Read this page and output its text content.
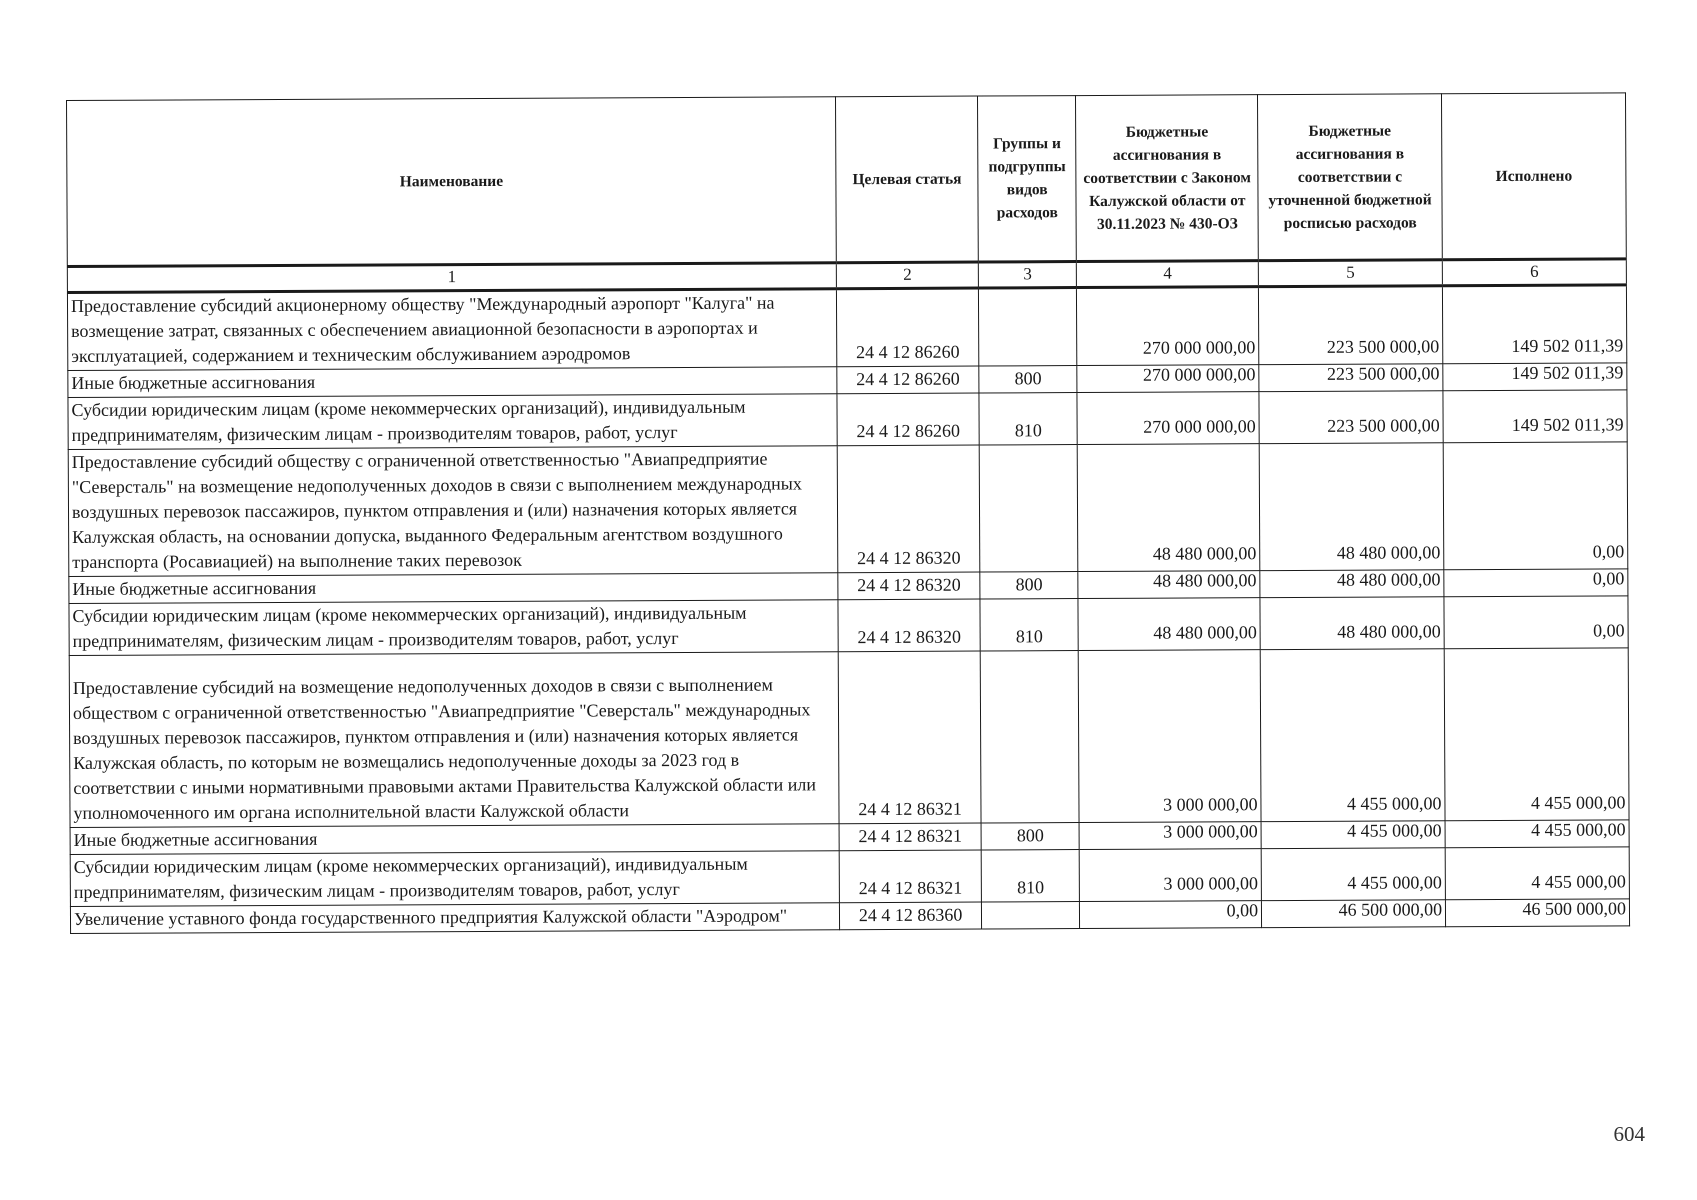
Наименование	Целевая статья	Группы и подгруппы видов расходов	Бюджетные ассигнования в соответствии с Законом Калужской области от 30.11.2023 № 430-ОЗ	Бюджетные ассигнования в соответствии с уточненной бюджетной росписью расходов	Исполнено
1	2	3	4	5	6
Предоставление субсидий акционерному обществу "Международный аэропорт "Калуга" на возмещение затрат, связанных с обеспечением авиационной безопасности в аэропортах и эксплуатацией, содержанием и техническим обслуживанием аэродромов	24 4 12 86260		270 000 000,00	223 500 000,00	149 502 011,39
Иные бюджетные ассигнования	24 4 12 86260	800	270 000 000,00	223 500 000,00	149 502 011,39
Субсидии юридическим лицам (кроме некоммерческих организаций), индивидуальным предпринимателям, физическим лицам - производителям товаров, работ, услуг	24 4 12 86260	810	270 000 000,00	223 500 000,00	149 502 011,39
Предоставление субсидий обществу с ограниченной ответственностью "Авиапредприятие "Северсталь" на возмещение недополученных доходов в связи с выполнением международных воздушных перевозок пассажиров, пунктом отправления и (или) назначения которых является Калужская область, на основании допуска, выданного Федеральным агентством воздушного транспорта (Росавиацией) на выполнение таких перевозок	24 4 12 86320		48 480 000,00	48 480 000,00	0,00
Иные бюджетные ассигнования	24 4 12 86320	800	48 480 000,00	48 480 000,00	0,00
Субсидии юридическим лицам (кроме некоммерческих организаций), индивидуальным предпринимателям, физическим лицам - производителям товаров, работ, услуг	24 4 12 86320	810	48 480 000,00	48 480 000,00	0,00

Предоставление субсидий на возмещение недополученных доходов в связи с выполнением обществом с ограниченной ответственностью "Авиапредприятие "Северсталь" международных воздушных перевозок пассажиров, пунктом отправления и (или) назначения которых является Калужская область, по которым не возмещались недополученные доходы за 2023 год в соответствии с иными нормативными правовыми актами Правительства Калужской области или уполномоченного им органа исполнительной власти Калужской области	24 4 12 86321		3 000 000,00	4 455 000,00	4 455 000,00
Иные бюджетные ассигнования	24 4 12 86321	800	3 000 000,00	4 455 000,00	4 455 000,00
Субсидии юридическим лицам (кроме некоммерческих организаций), индивидуальным предпринимателям, физическим лицам - производителям товаров, работ, услуг	24 4 12 86321	810	3 000 000,00	4 455 000,00	4 455 000,00
Увеличение уставного фонда государственного предприятия Калужской области "Аэродром"	24 4 12 86360		0,00	46 500 000,00	46 500 000,00
604
